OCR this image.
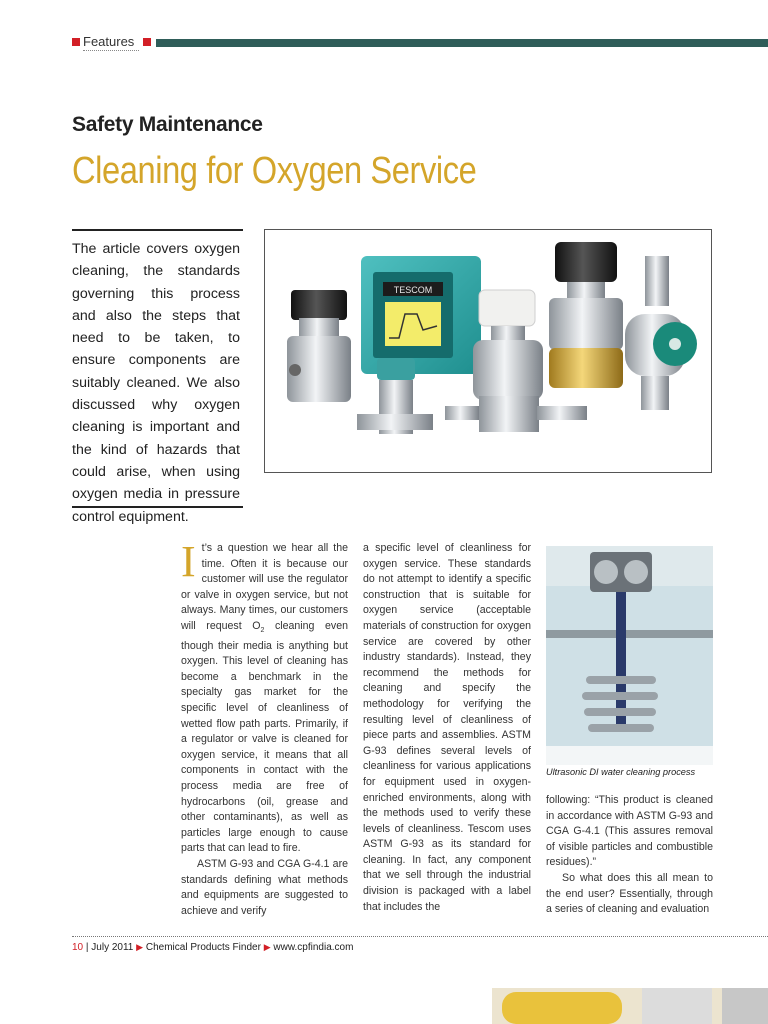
Features
Safety Maintenance
Cleaning for Oxygen Service
The article covers oxygen cleaning, the standards governing this process and also the steps that need to be taken, to ensure components are suitably cleaned. We also discussed why oxygen cleaning is important and the kind of hazards that could arise, when using oxygen media in pressure control equipment.
TESCOM

It’s a question we hear all the time. Often it is because our customer will use the regulator or valve in oxygen service, but not always. Many times, our customers will request $O_2$ cleaning even though their media is anything but oxygen. This level of cleaning has become a benchmark in the specialty gas market for the specific level of cleanliness of wetted flow path parts. Primarily, if a regulator or valve is cleaned for oxygen service, it means that all components in contact with the process media are free of hydrocarbons (oil, grease and other contaminants), as well as particles large enough to cause parts that can lead to fire.

ASTM G-93 and CGA G-4.1 are standards defining what methods and equipments are suggested to achieve and verify

a specific level of cleanliness for oxygen service. These standards do not attempt to identify a specific construction that is suitable for oxygen service (acceptable materials of construction for oxygen service are covered by other industry standards). Instead, they recommend the methods for cleaning and specify the methodology for verifying the resulting level of cleanliness of piece parts and assemblies. ASTM G-93 defines several levels of cleanliness for various applications for equipment used in oxygen-enriched environments, along with the methods used to verify these levels of cleanliness. Tescom uses ASTM G-93 as its standard for cleaning. In fact, any component that we sell through the industrial division is packaged with a label that includes the

Ultrasonic DI water cleaning process

following: “This product is cleaned in accordance with ASTM G-93 and CGA G-4.1 (This assures removal of visible particles and combustible residues).”

So what does this all mean to the end user? Essentially, through a series of cleaning and evaluation

10 | July 2011 ▶ Chemical Products Finder ▶ www.cpfindia.com
